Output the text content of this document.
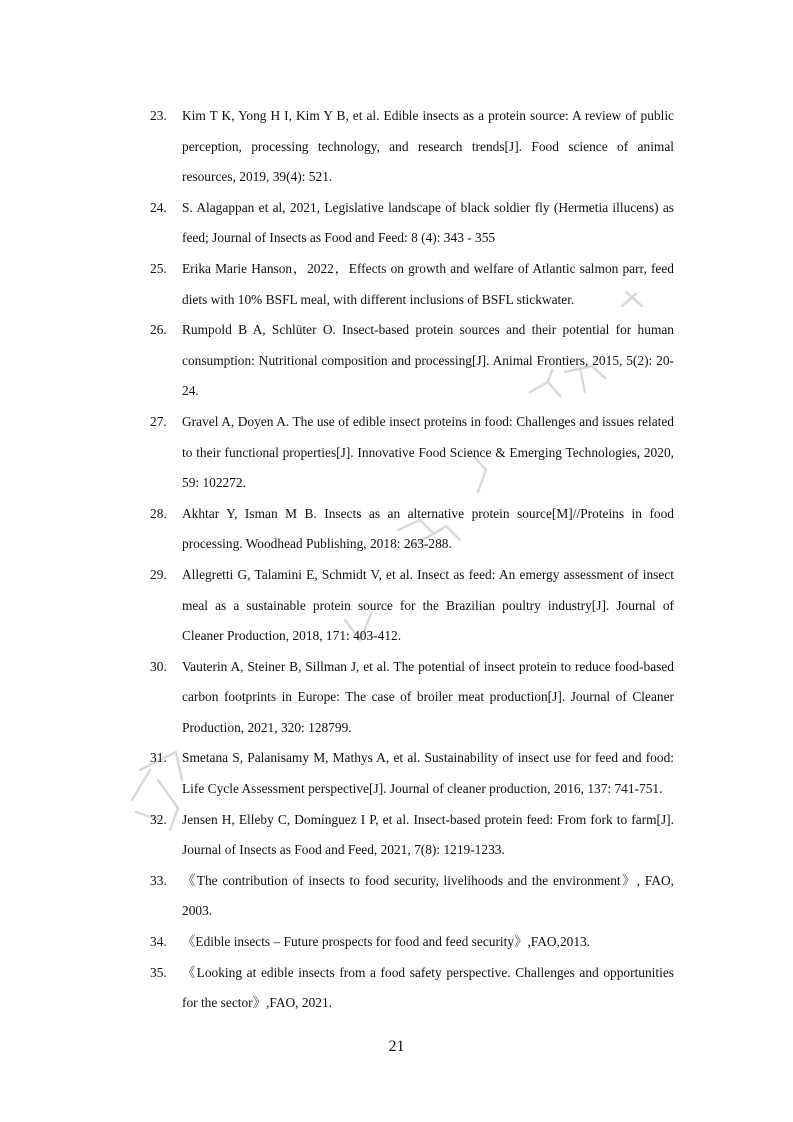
23.	Kim T K, Yong H I, Kim Y B, et al. Edible insects as a protein source: A review of public perception, processing technology, and research trends[J]. Food science of animal resources, 2019, 39(4): 521.
24.	S. Alagappan et al, 2021, Legislative landscape of black soldier fly (Hermetia illucens) as feed; Journal of Insects as Food and Feed: 8 (4): 343 - 355
25.	Erika Marie Hanson，2022，Effects on growth and welfare of Atlantic salmon parr, feed diets with 10% BSFL meal, with different inclusions of BSFL stickwater.
26.	Rumpold B A, Schlüter O. Insect-based protein sources and their potential for human consumption: Nutritional composition and processing[J]. Animal Frontiers, 2015, 5(2): 20-24.
27.	Gravel A, Doyen A. The use of edible insect proteins in food: Challenges and issues related to their functional properties[J]. Innovative Food Science & Emerging Technologies, 2020, 59: 102272.
28.	Akhtar Y, Isman M B. Insects as an alternative protein source[M]//Proteins in food processing. Woodhead Publishing, 2018: 263-288.
29.	Allegretti G, Talamini E, Schmidt V, et al. Insect as feed: An emergy assessment of insect meal as a sustainable protein source for the Brazilian poultry industry[J]. Journal of Cleaner Production, 2018, 171: 403-412.
30.	Vauterin A, Steiner B, Sillman J, et al. The potential of insect protein to reduce food-based carbon footprints in Europe: The case of broiler meat production[J]. Journal of Cleaner Production, 2021, 320: 128799.
31.	Smetana S, Palanisamy M, Mathys A, et al. Sustainability of insect use for feed and food: Life Cycle Assessment perspective[J]. Journal of cleaner production, 2016, 137: 741-751.
32.	Jensen H, Elleby C, Domínguez I P, et al. Insect-based protein feed: From fork to farm[J]. Journal of Insects as Food and Feed, 2021, 7(8): 1219-1233.
33.	《The contribution of insects to food security, livelihoods and the environment》, FAO, 2003.
34.	《Edible insects – Future prospects for food and feed security》,FAO,2013.
35.	《Looking at edible insects from a food safety perspective. Challenges and opportunities for the sector》,FAO, 2021.
21
